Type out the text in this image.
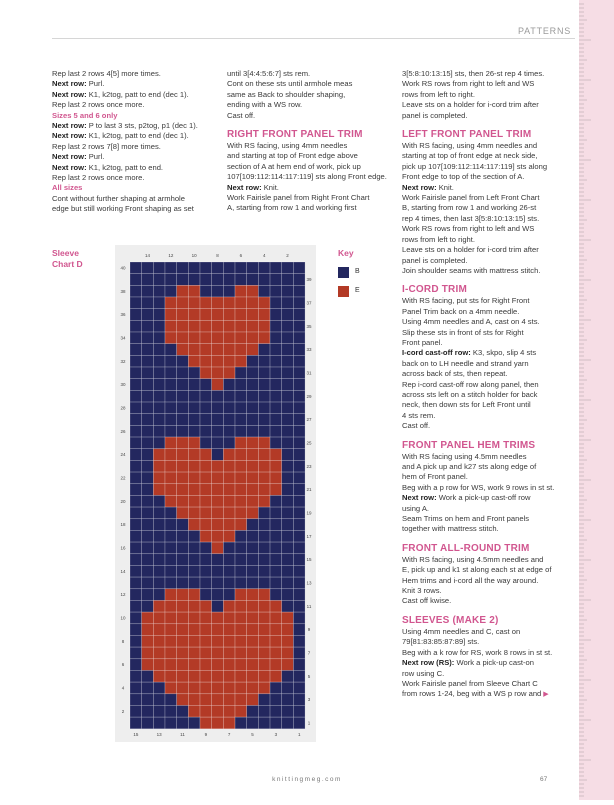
PATTERNS

Rep last 2 rows 4[5] more times.

Next row: Purl.

Next row: K1, k2tog, patt to end (dec 1).

Rep last 2 rows once more.

Sizes 5 and 6 only

Next row: P to last 3 sts, p2tog, p1 (dec 1).

Next row: K1, k2tog, patt to end (dec 1).

Rep last 2 rows 7[8] more times.

Next row: Purl.

Next row: K1, k2tog, patt to end.

Rep last 2 rows once more.

All sizes

Cont without further shaping at armhole

edge but still working Front shaping as set

until 3[4:4:5:6:7] sts rem.

Cont on these sts until armhole meas

same as Back to shoulder shaping,

ending with a WS row.

Cast off.

RIGHT FRONT PANEL TRIM

With RS facing, using 4mm needles

and starting at top of Front edge above

section of A at hem end of work, pick up

107[109:112:114:117:119] sts along Front edge.

Next row: Knit.

Work Fairisle panel from Right Front Chart

A, starting from row 1 and working first

3[5:8:10:13:15] sts, then 26-st rep 4 times.

Work RS rows from right to left and WS

rows from left to right.

Leave sts on a holder for i-cord trim after

panel is completed.

LEFT FRONT PANEL TRIM

With RS facing, using 4mm needles and

starting at top of front edge at neck side,

pick up 107[109:112:114:117:119] sts along

Front edge to top of the section of A.

Next row: Knit.

Work Fairisle panel from Left Front Chart

B, starting from row 1 and working 26-st

rep 4 times, then last 3[5:8:10:13:15] sts.

Work RS rows from right to left and WS

rows from left to right.

Leave sts on a holder for i-cord trim after

panel is completed.

Join shoulder seams with mattress stitch.

I-CORD TRIM

With RS facing, put sts for Right Front

Panel Trim back on a 4mm needle.

Using 4mm needles and A, cast on 4 sts.

Slip these sts in front of sts for Right

Front panel.

I-cord cast-off row: K3, skpo, slip 4 sts

back on to LH needle and strand yarn

across back of sts, then repeat.

Rep i-cord cast-off row along panel, then

across sts left on a stitch holder for back

neck, then down sts for Left Front until

4 sts rem.

Cast off.

FRONT PANEL HEM TRIMS

With RS facing using 4.5mm needles

and A pick up and k27 sts along edge of

hem of Front panel.

Beg with a p row for WS, work 9 rows in st st.

Next row: Work a pick-up cast-off row

using A.

Seam Trims on hem and Front panels

together with mattress stitch.

FRONT ALL-ROUND TRIM

With RS facing, using 4.5mm needles and

E, pick up and k1 st along each st at edge of

Hem trims and i-cord all the way around.

Knit 3 rows.

Cast off kwise.

SLEEVES (MAKE 2)

Using 4mm needles and C, cast on

79[81:83:85:87:89] sts.

Beg with a k row for RS, work 8 rows in st st.

Next row (RS): Work a pick-up cast-on

row using C.

Work Fairisle panel from Sleeve Chart C

from rows 1-24, beg with a WS p row and ▶

Sleeve
Chart D
Key
B
E
14	12	10	8	6	4	2
15	13	11	9	7	5	3	1
40
38
36
34
32
30
28
26
24
22
20
18
16
14
12
10
8
6
4
2
39
37
35
33
31
29
27
25
23
21
19
17
15
13
11
9
7
5
3
1
knittingmeg.com	67
